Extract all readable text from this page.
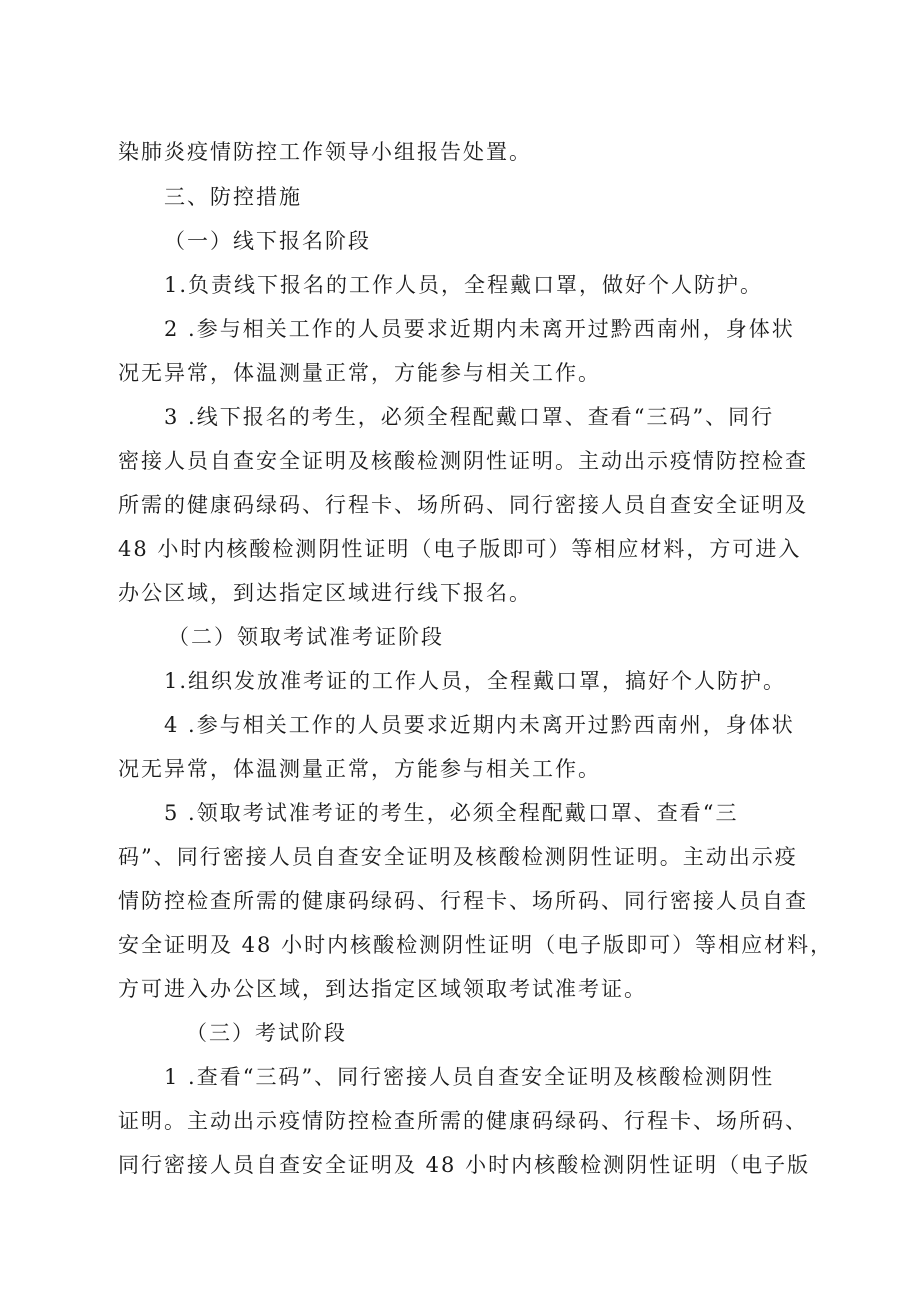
染肺炎疫情防控工作领导小组报告处置。

三、防控措施

（一）线下报名阶段

1.负责线下报名的工作人员，全程戴口罩，做好个人防护。

2 .参与相关工作的人员要求近期内未离开过黔西南州，身体状

况无异常，体温测量正常，方能参与相关工作。

3 .线下报名的考生，必须全程配戴口罩、查看“三码”、同行

密接人员自查安全证明及核酸检测阴性证明。主动出示疫情防控检查

所需的健康码绿码、行程卡、场所码、同行密接人员自查安全证明及

48 小时内核酸检测阴性证明（电子版即可）等相应材料，方可进入

办公区域，到达指定区域进行线下报名。

（二）领取考试准考证阶段

1.组织发放准考证的工作人员，全程戴口罩，搞好个人防护。

4 .参与相关工作的人员要求近期内未离开过黔西南州，身体状

况无异常，体温测量正常，方能参与相关工作。

5 .领取考试准考证的考生，必须全程配戴口罩、查看“三

码”、同行密接人员自查安全证明及核酸检测阴性证明。主动出示疫

情防控检查所需的健康码绿码、行程卡、场所码、同行密接人员自查

安全证明及 48 小时内核酸检测阴性证明（电子版即可）等相应材料，

方可进入办公区域，到达指定区域领取考试准考证。

（三）考试阶段

1 .查看“三码”、同行密接人员自查安全证明及核酸检测阴性

证明。主动出示疫情防控检查所需的健康码绿码、行程卡、场所码、

同行密接人员自查安全证明及 48 小时内核酸检测阴性证明（电子版
